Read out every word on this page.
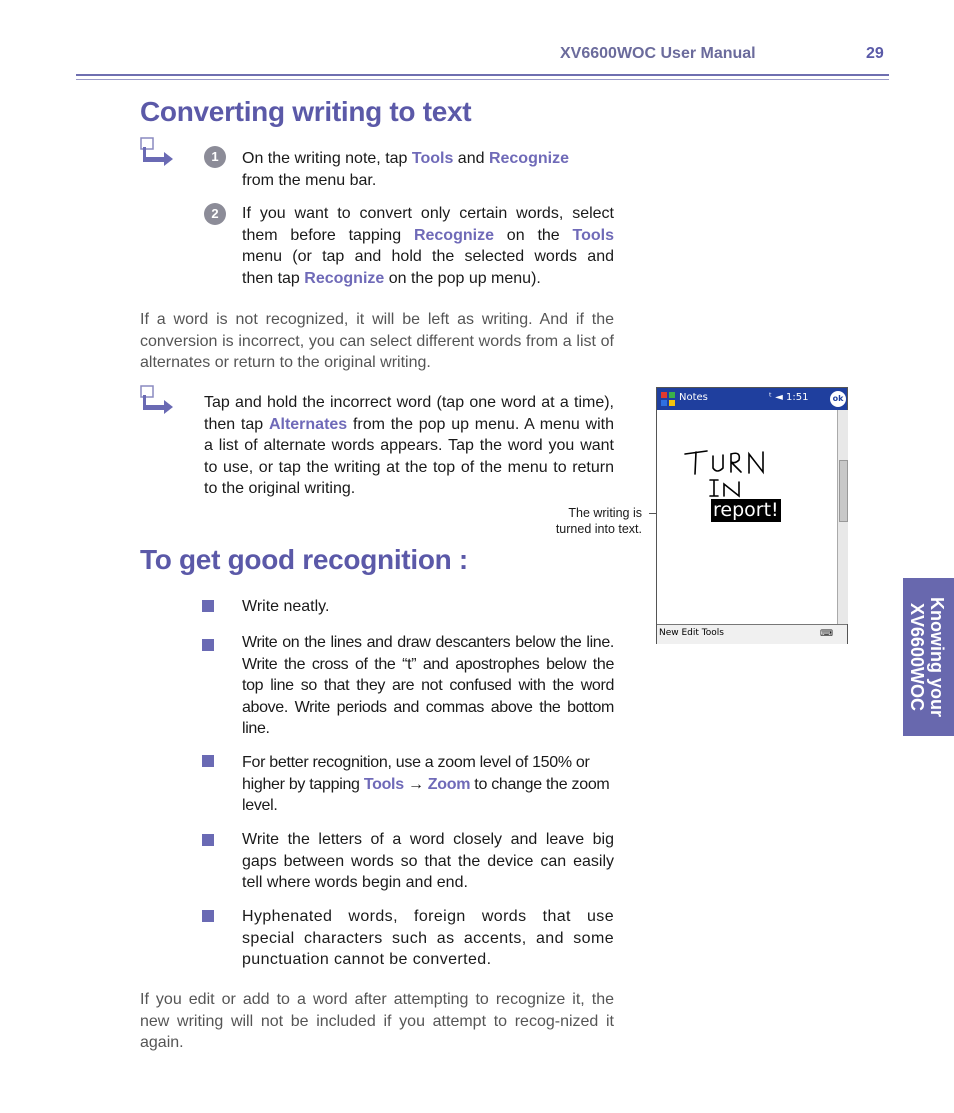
XV6600WOC User Manual	29
Converting writing to text
1	On the writing note, tap Tools and Recognize
from the menu bar.
2	If you want to convert only certain words, select
them before tapping Recognize on the Tools
menu (or tap and hold the selected words and
then tap Recognize on the pop up menu).
If a word is not recognized, it will be left as writing. And if the conversion is incorrect, you can select different words from a list of alternates or return to the original writing.
Tap and hold the incorrect word (tap one word at a time), then tap Alternates from the pop up menu. A menu with a list of alternate words appears. Tap the word you want to use, or tap the writing at the top of the menu to return to the original writing.
The writing is
turned into text.
Notes	ᵗ ◄ 1:51	ok
report!
New Edit Tools	⌨
To get good recognition :
Write neatly.
Write on the lines and draw descanters below the line. Write the cross of the “t” and apostrophes below the top line so that they are not confused with the word above. Write periods and commas above the bottom line.
For better recognition, use a zoom level of 150% or higher by tapping Tools → Zoom to change the zoom level.
Write the letters of a word closely and leave big gaps between words so that the device can easily tell where words begin and end.
Hyphenated words, foreign words that use special characters such as accents, and some punctuation cannot be converted.
If you edit or add to a word after attempting to recognize it, the new writing will not be included if you attempt to recog-nized it again.
Knowing your
XV6600WOC
